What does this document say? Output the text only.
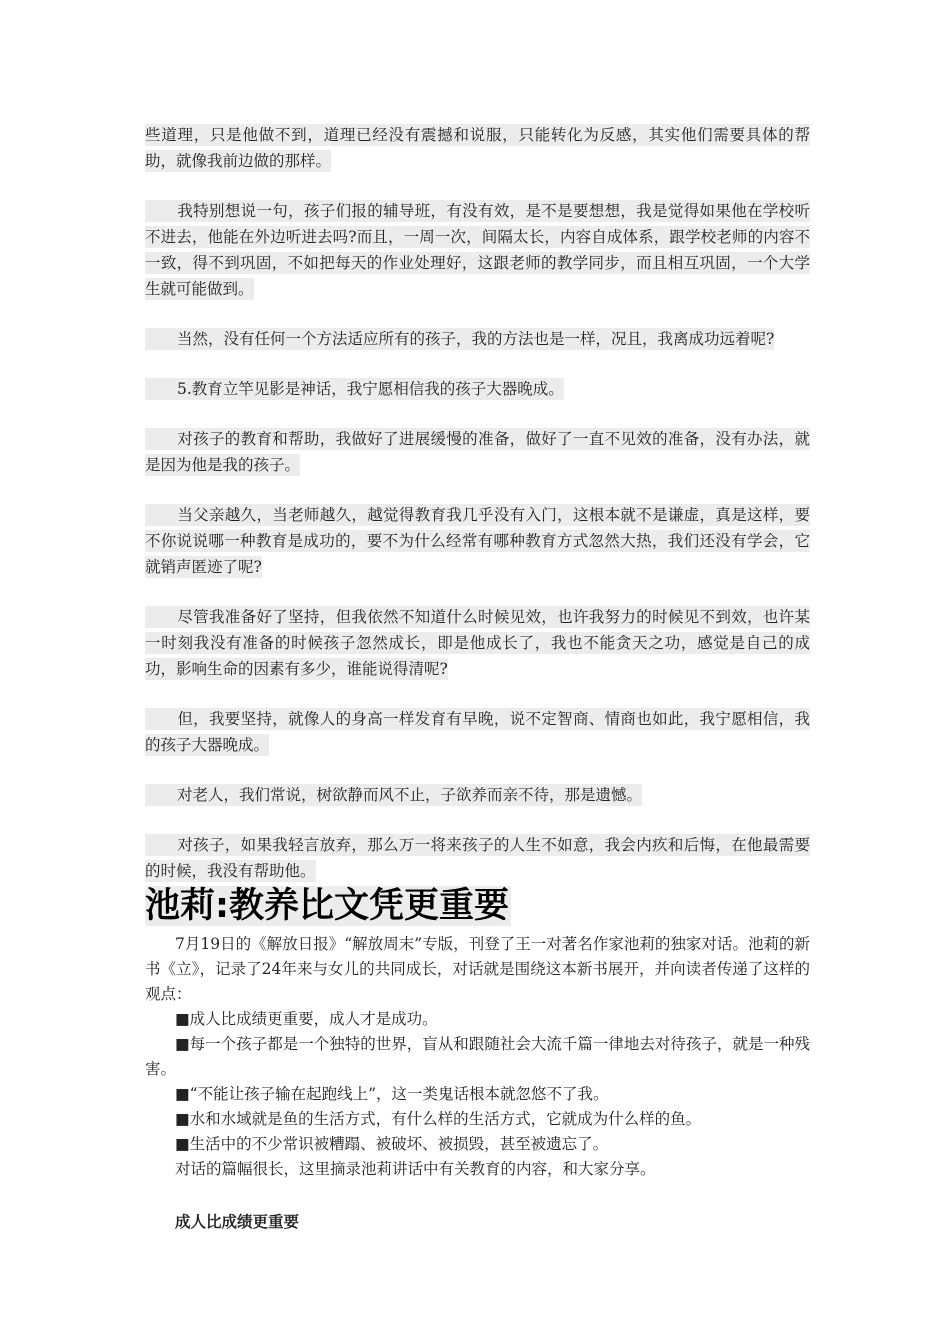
些道理，只是他做不到，道理已经没有震撼和说服，只能转化为反感，其实他们需要具体的帮助，就像我前边做的那样。

我特别想说一句，孩子们报的辅导班，有没有效，是不是要想想，我是觉得如果他在学校听不进去，他能在外边听进去吗?而且，一周一次，间隔太长，内容自成体系，跟学校老师的内容不一致，得不到巩固，不如把每天的作业处理好，这跟老师的教学同步，而且相互巩固，一个大学生就可能做到。

当然，没有任何一个方法适应所有的孩子，我的方法也是一样，况且，我离成功远着呢?

5.教育立竿见影是神话，我宁愿相信我的孩子大器晚成。

对孩子的教育和帮助，我做好了进展缓慢的准备，做好了一直不见效的准备，没有办法，就是因为他是我的孩子。

当父亲越久，当老师越久，越觉得教育我几乎没有入门，这根本就不是谦虚，真是这样，要不你说说哪一种教育是成功的，要不为什么经常有哪种教育方式忽然大热，我们还没有学会，它就销声匿迹了呢?

尽管我准备好了坚持，但我依然不知道什么时候见效，也许我努力的时候见不到效，也许某一时刻我没有准备的时候孩子忽然成长，即是他成长了，我也不能贪天之功，感觉是自己的成功，影响生命的因素有多少，谁能说得清呢?

但，我要坚持，就像人的身高一样发育有早晚，说不定智商、情商也如此，我宁愿相信，我的孩子大器晚成。

对老人，我们常说，树欲静而风不止，子欲养而亲不待，那是遗憾。

对孩子，如果我轻言放弃，那么万一将来孩子的人生不如意，我会内疚和后悔，在他最需要的时候，我没有帮助他。

池莉:教养比文凭更重要

7月19日的《解放日报》“解放周末”专版，刊登了王一对著名作家池莉的独家对话。池莉的新书《立》，记录了24年来与女儿的共同成长，对话就是围绕这本新书展开，并向读者传递了这样的观点：

■成人比成绩更重要，成人才是成功。

■每一个孩子都是一个独特的世界，盲从和跟随社会大流千篇一律地去对待孩子，就是一种残害。

■“不能让孩子输在起跑线上”，这一类鬼话根本就忽悠不了我。

■水和水域就是鱼的生活方式，有什么样的生活方式，它就成为什么样的鱼。

■生活中的不少常识被糟蹋、被破坏、被损毁，甚至被遗忘了。

对话的篇幅很长，这里摘录池莉讲话中有关教育的内容，和大家分享。

成人比成绩更重要
